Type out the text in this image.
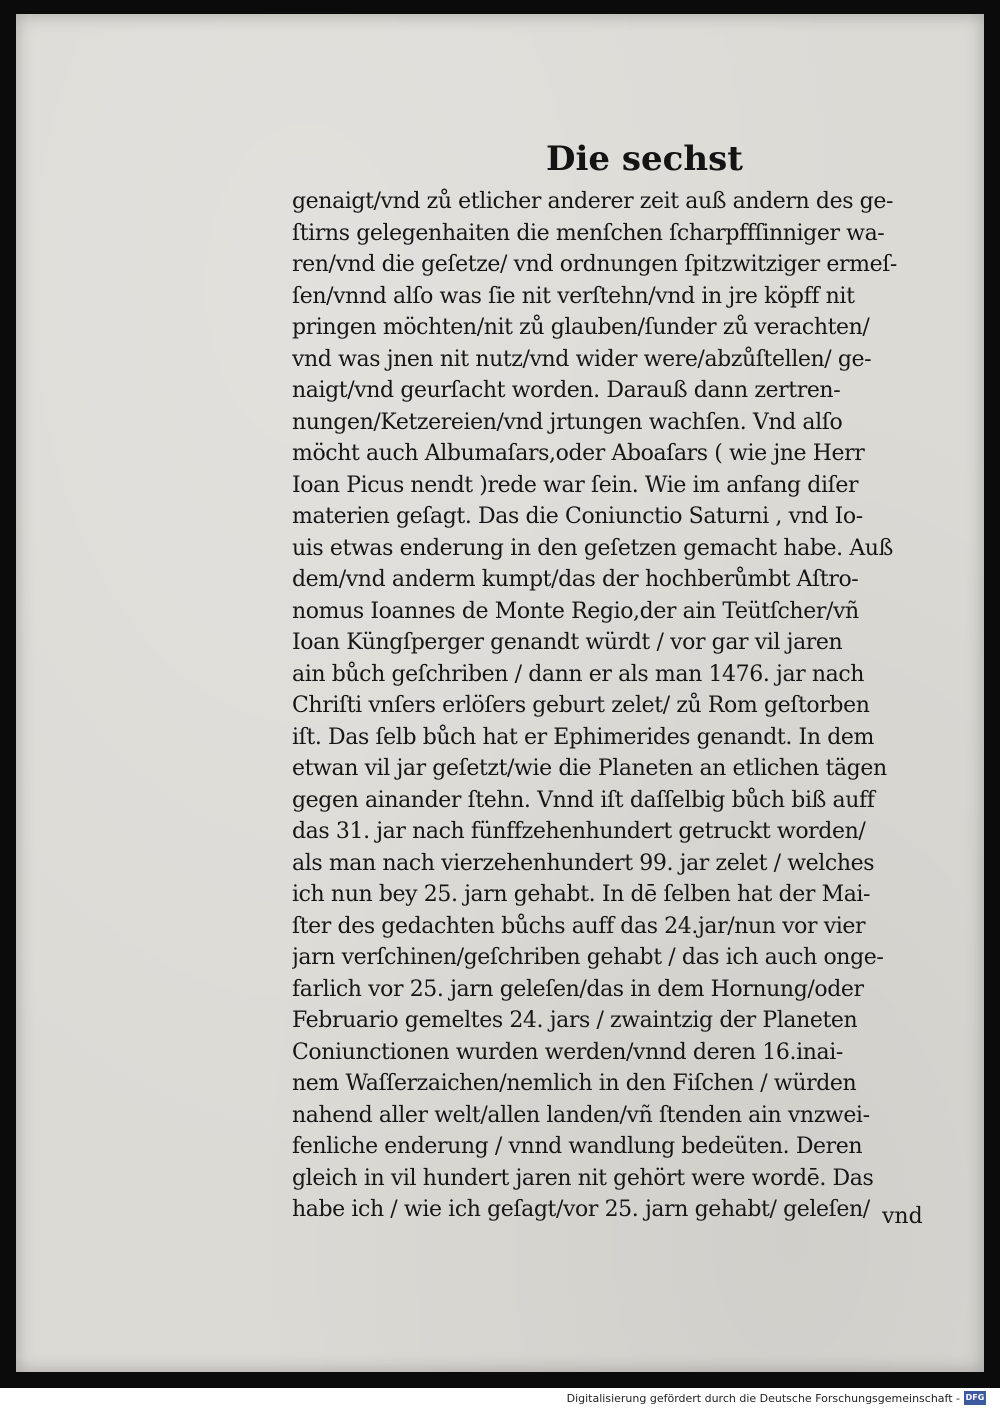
Die sechst
genaigt/vnd zů etlicher anderer zeit auß andern des ge-
ſtirns gelegenhaiten die menſchen ſcharpffſinniger wa-
ren/vnd die geſetze/ vnd ordnungen ſpitzwitziger ermeſ-
ſen/vnnd alſo was ſie nit verſtehn/vnd in jre köpff nit
pringen möchten/nit zů glauben/ſunder zů verachten/
vnd was jnen nit nutz/vnd wider were/abzůſtellen/ ge-
naigt/vnd geurſacht worden. Darauß dann zertren-
nungen/Ketzereien/vnd jrtungen wachſen. Vnd alſo
möcht auch Albumaſars,oder Aboaſars ( wie jne Herr
Ioan Picus nendt )rede war ſein. Wie im anfang diſer
materien geſagt. Das die Coniunctio Saturni , vnd Io-
uis etwas enderung in den geſetzen gemacht habe. Auß
dem/vnd anderm kumpt/das der hochberůmbt Aſtro-
nomus Ioannes de Monte Regio,der ain Teütſcher/vñ
Ioan Küngſperger genandt würdt / vor gar vil jaren
ain bůch geſchriben / dann er als man 1476. jar nach
Chriſti vnſers erlöſers geburt zelet/ zů Rom geſtorben
iſt. Das ſelb bůch hat er Ephimerides genandt. In dem
etwan vil jar geſetzt/wie die Planeten an etlichen tägen
gegen ainander ſtehn. Vnnd iſt daſſelbig bůch biß auff
das 31. jar nach fünffzehenhundert getruckt worden/
als man nach vierzehenhundert 99. jar zelet / welches
ich nun bey 25. jarn gehabt. In dē ſelben hat der Mai-
ſter des gedachten bůchs auff das 24.jar/nun vor vier
jarn verſchinen/geſchriben gehabt / das ich auch onge-
farlich vor 25. jarn geleſen/das in dem Hornung/oder
Februario gemeltes 24. jars / zwaintzig der Planeten
Coniunctionen wurden werden/vnnd deren 16.inai-
nem Waſſerzaichen/nemlich in den Fiſchen / würden
nahend aller welt/allen landen/vñ ſtenden ain vnzwei-
fenliche enderung / vnnd wandlung bedeüten. Deren
gleich in vil hundert jaren nit gehört were wordē. Das
habe ich / wie ich geſagt/vor 25. jarn gehabt/ geleſen/ vnd
Digitalisierung gefördert durch die Deutsche Forschungsgemeinschaft - DFG
